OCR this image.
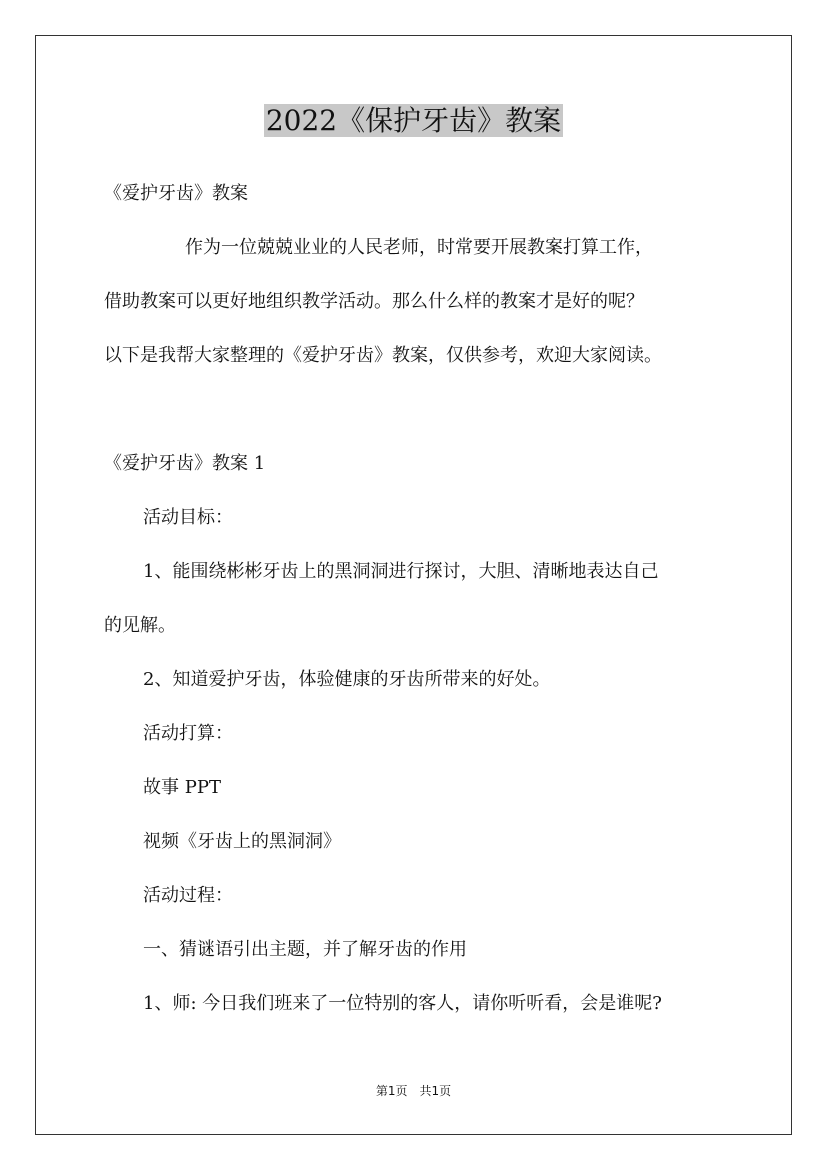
2022《保护牙齿》教案
《爱护牙齿》教案
作为一位兢兢业业的人民老师，时常要开展教案打算工作，
借助教案可以更好地组织教学活动。那么什么样的教案才是好的呢？
以下是我帮大家整理的《爱护牙齿》教案，仅供参考，欢迎大家阅读。
《爱护牙齿》教案 1
活动目标：
1、能围绕彬彬牙齿上的黑洞洞进行探讨，大胆、清晰地表达自己
的见解。
2、知道爱护牙齿，体验健康的牙齿所带来的好处。
活动打算：
故事 PPT
视频《牙齿上的黑洞洞》
活动过程：
一、猜谜语引出主题，并了解牙齿的作用
1、师: 今日我们班来了一位特别的客人，请你听听看，会是谁呢?
第1页　共1页
